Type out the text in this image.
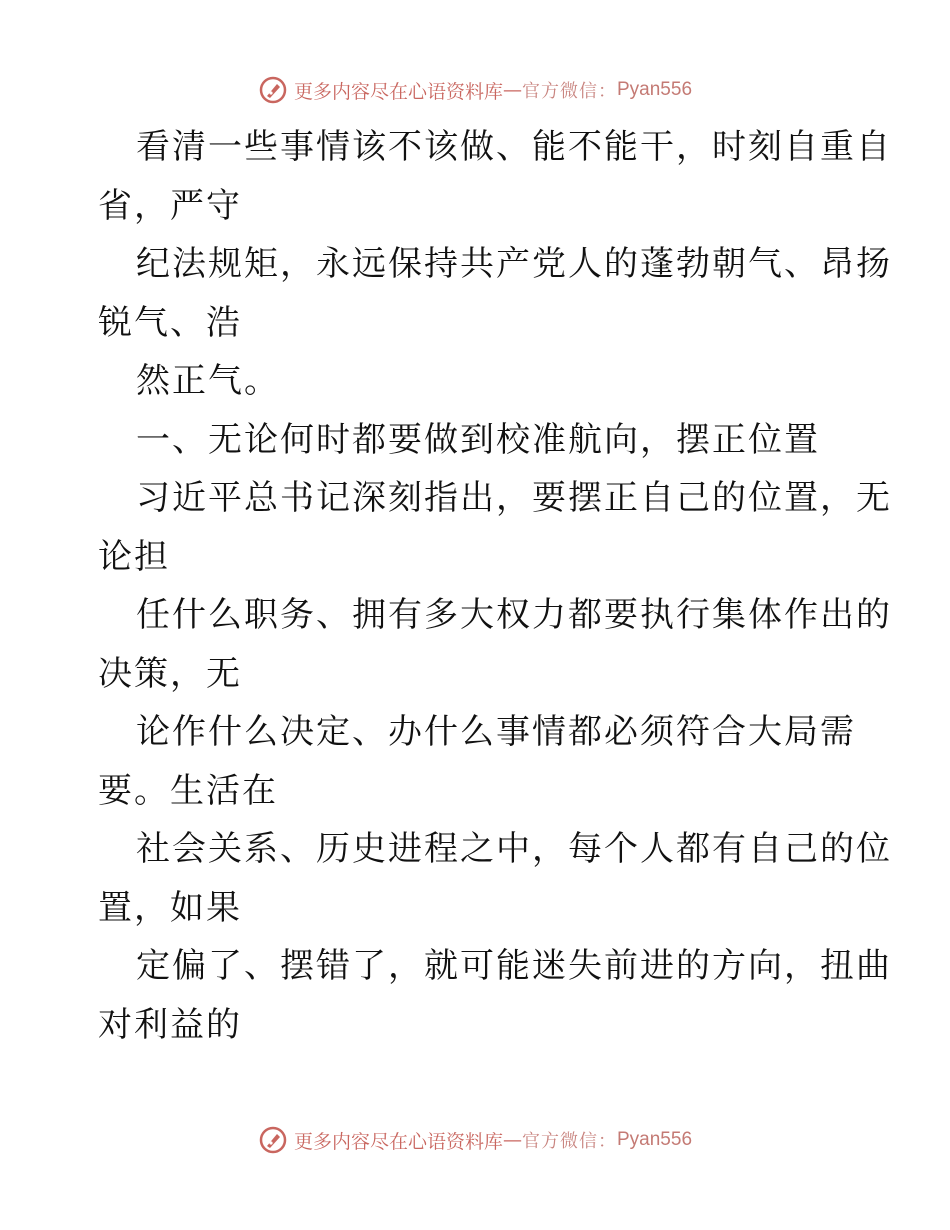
更多内容尽在心语资料库 — 官方微信： Pyan556
看清一些事情该不该做、能不能干，时刻自重自
省，严守
纪法规矩，永远保持共产党人的蓬勃朝气、昂扬
锐气、浩
然正气。
一、无论何时都要做到校准航向，摆正位置
习近平总书记深刻指出，要摆正自己的位置，无
论担
任什么职务、拥有多大权力都要执行集体作出的
决策，无
论作什么决定、办什么事情都必须符合大局需
要。生活在
社会关系、历史进程之中，每个人都有自己的位
置，如果
定偏了、摆错了，就可能迷失前进的方向，扭曲
对利益的
更多内容尽在心语资料库 — 官方微信： Pyan556
